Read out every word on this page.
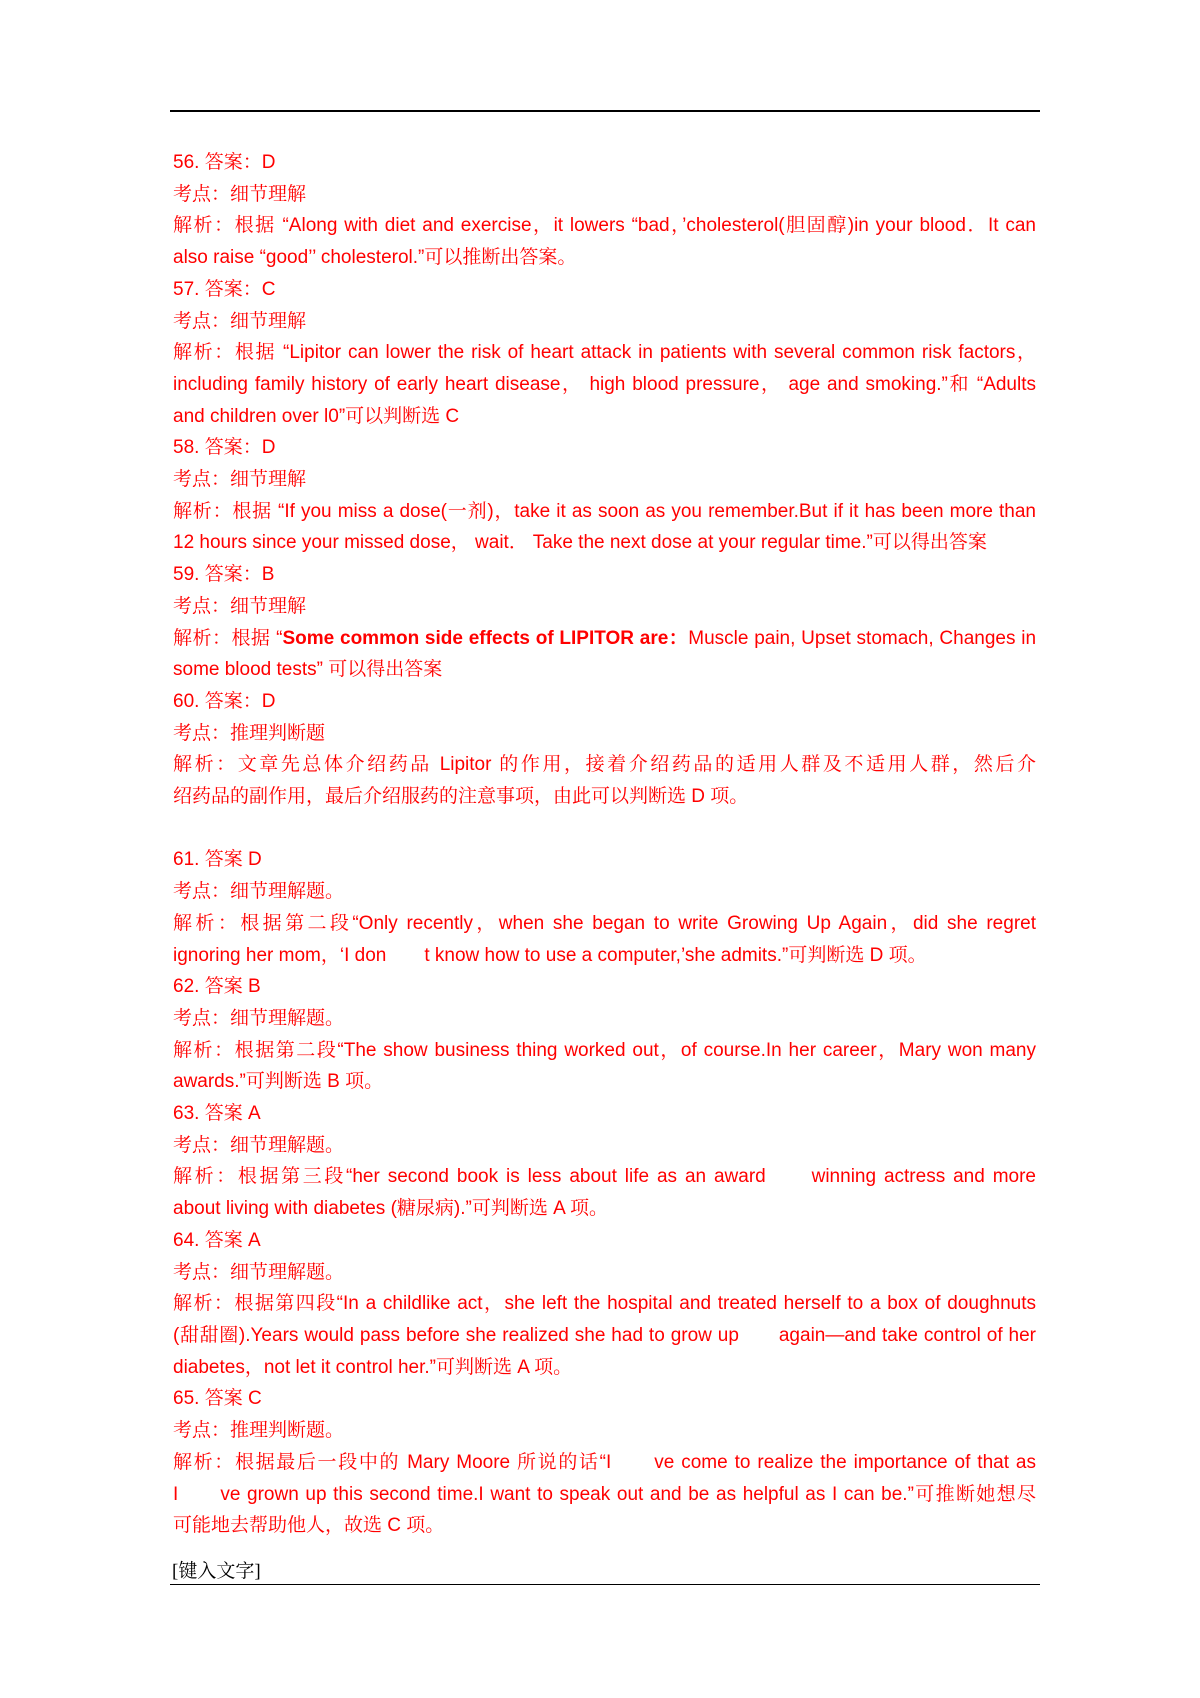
56. 答案：D
考点：细节理解
解析：根据 “Along with diet and exercise，it lowers “bad，’cholesterol(胆固醇)in your blood．It can
also raise “good’’ cholesterol.”可以推断出答案。
57. 答案：C
考点：细节理解
解析：根据 “Lipitor can lower the risk of heart attack in patients with several common risk factors，
including family history of early heart disease， high blood pressure， age and smoking.”和 “Adults
and children over l0”可以判断选 C
58. 答案：D
考点：细节理解
解析：根据 “If you miss a dose(一剂)，take it as soon as you remember.But if it has been more than
12 hours since your missed dose， wait． Take the next dose at your regular time.”可以得出答案
59. 答案：B
考点：细节理解
解析：根据 “Some common side effects of LIPITOR are：Muscle pain, Upset stomach, Changes in
some blood tests” 可以得出答案
60. 答案：D
考点：推理判断题
解析：文章先总体介绍药品 Lipitor 的作用，接着介绍药品的适用人群及不适用人群，然后介
绍药品的副作用，最后介绍服药的注意事项，由此可以判断选 D 项。
61. 答案 D
考点：细节理解题。
解析：根据第二段“Only recently，when she began to write Growing Up Again，did she regret
ignoring her mom，‘I don　　t know how to use a computer,’she admits.”可判断选 D 项。
62. 答案 B
考点：细节理解题。
解析：根据第二段“The show business thing worked out，of course.In her career，Mary won many
awards.”可判断选 B 项。
63. 答案 A
考点：细节理解题。
解析：根据第三段“her second book is less about life as an award　　winning actress and more
about living with diabetes (糖尿病).”可判断选 A 项。
64. 答案 A
考点：细节理解题。
解析：根据第四段“In a childlike act，she left the hospital and treated herself to a box of doughnuts
(甜甜圈).Years would pass before she realized she had to grow up　　again—and take control of her
diabetes，not let it control her.”可判断选 A 项。
65. 答案 C
考点：推理判断题。
解析：根据最后一段中的 Mary Moore 所说的话“I　　ve come to realize the importance of that as
I　　ve grown up this second time.I want to speak out and be as helpful as I can be.”可推断她想尽
可能地去帮助他人，故选 C 项。
[键入文字]
